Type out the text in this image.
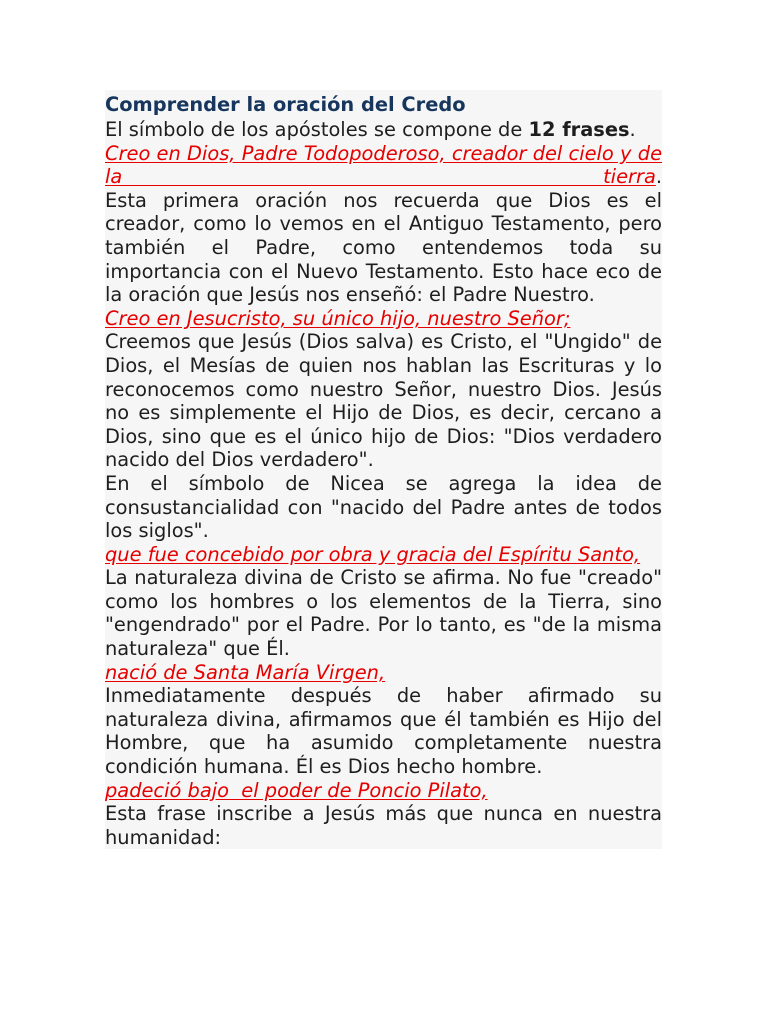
Comprender la oración del Credo

El símbolo de los apóstoles se compone de 12 frases.

Creo en Dios, Padre Todopoderoso, creador del cielo y de la tierra.

Esta primera oración nos recuerda que Dios es el creador, como lo vemos en el Antiguo Testamento, pero también el Padre, como entendemos toda su importancia con el Nuevo Testamento. Esto hace eco de la oración que Jesús nos enseñó: el Padre Nuestro.

Creo en Jesucristo, su único hijo, nuestro Señor;

Creemos que Jesús (Dios salva) es Cristo, el "Ungido" de Dios, el Mesías de quien nos hablan las Escrituras y lo reconocemos como nuestro Señor, nuestro Dios. Jesús no es simplemente el Hijo de Dios, es decir, cercano a Dios, sino que es el único hijo de Dios: "Dios verdadero nacido del Dios verdadero".

En el símbolo de Nicea se agrega la idea de consustancialidad con "nacido del Padre antes de todos los siglos".

que fue concebido por obra y gracia del Espíritu Santo,

La naturaleza divina de Cristo se afirma. No fue "creado" como los hombres o los elementos de la Tierra, sino "engendrado" por el Padre. Por lo tanto, es "de la misma naturaleza" que Él.

nació de Santa María Virgen,

Inmediatamente después de haber afirmado su naturaleza divina, afirmamos que él también es Hijo del Hombre, que ha asumido completamente nuestra condición humana. Él es Dios hecho hombre.

padeció bajo  el poder de Poncio Pilato,

Esta frase inscribe a Jesús más que nunca en nuestra humanidad:
